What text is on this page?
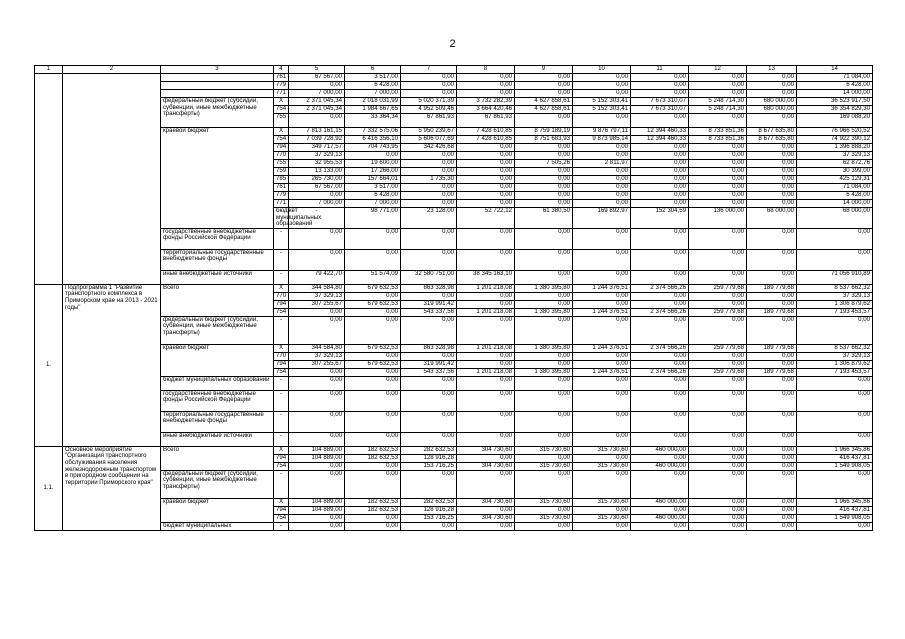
2
1	2	3	4	5	6	7	8	9	10	11	12	13	14	
			761	67 567,00	3 517,00	0,00	0,00	0,00	0,00	0,00	0,00	0,00	71 084,00	
			779	0,00	6 428,00	0,00	0,00	0,00	0,00	0,00	0,00	0,00	6 428,00	
			771	7 000,00	7 000,00	0,00	0,00	0,00	0,00	0,00	0,00	0,00	14 000,00	
		федеральный бюджет (субсидии, субвенции, иные межбюджетные трансферты)	X	2 371 045,34	2 018 031,99	5 020 371,39	3 732 282,39	4 627 858,61	5 152 303,41	7 673 310,07	5 248 714,30	680 000,00	36 523 917,50	
			754	2 371 045,34	1 984 667,65	4 952 509,46	3 664 420,46	4 627 858,61	5 152 303,41	7 673 310,07	5 248 714,30	680 000,00	36 354 829,30	
			755	0,00	33 364,34	67 861,93	67 861,93	0,00	0,00	0,00	0,00	0,00	169 088,20	
		краевой бюджет	X	7 813 161,15	7 332 575,06	5 950 239,67	7 428 610,85	8 759 189,19	9 876 797,11	12 394 460,33	8 733 851,36	8 677 635,80	76 966 520,52	
			754	7 039 728,92	6 416 356,10	5 606 077,69	7 428 610,85	8 751 683,93	9 873 985,14	12 394 460,33	8 733 851,36	8 677 635,80	74 922 390,12	
			794	349 717,57	704 743,95	342 426,68	0,00	0,00	0,00	0,00	0,00	0,00	1 396 888,20	
			770	37 329,13	0,00	0,00	0,00	0,00	0,00	0,00	0,00	0,00	37 329,13	
			755	32 955,53	19 600,00	0,00	0,00	7 505,26	2 811,97	0,00	0,00	0,00	62 872,76	
			759	13 133,00	17 266,00	0,00	0,00	0,00	0,00	0,00	0,00	0,00	30 399,00	
			785	265 730,00	157 664,01	1 735,30	0,00	0,00	0,00	0,00	0,00	0,00	425 129,31	
			761	67 567,00	3 517,00	0,00	0,00	0,00	0,00	0,00	0,00	0,00	71 084,00	
			779	0,00	6 428,00	0,00	0,00	0,00	0,00	0,00	0,00	0,00	6 428,00	
			771	7 000,00	7 000,00	0,00	0,00	0,00	0,00	0,00	0,00	0,00	14 000,00	
			бюджет муниципальных образований	-	98 771,00	23 128,00	52 722,12	61 380,50	169 892,97	152 304,59	136 000,00	68 000,00	68 000,00	
		государственные внебюджетные фонды Российской Федерации	-	0,00	0,00	0,00	0,00	0,00	0,00	0,00	0,00	0,00	0,00	
		территориальные государственные внебюджетные фонды	-	0,00	0,00	0,00	0,00	0,00	0,00	0,00	0,00	0,00	0,00	
		иные внебюджетные источники	-	79 422,70	51 574,09	32 580 751,00	38 345 163,10	0,00	0,00	0,00	0,00	0,00	71 056 910,89	
1.	Подпрограмма 1 "Развитие транспортного комплекса в Приморском крае на 2013 - 2021 годы"	Всего	X	344 584,80	679 632,53	863 328,98	1 201 218,08	1 380 395,80	1 244 376,51	2 374 566,26	259 779,68	189 779,68	8 537 662,32	
			770	37 329,13	0,00	0,00	0,00	0,00	0,00	0,00	0,00	0,00	37 329,13	
			794	307 255,67	679 632,53	319 991,42	0,00	0,00	0,00	0,00	0,00	0,00	1 306 879,62	
			754	0,00	0,00	543 337,56	1 201 218,08	1 380 395,80	1 244 376,51	2 374 566,26	259 779,68	189 779,68	7 193 453,57	
		федеральный бюджет (субсидии, субвенции, иные межбюджетные трансферты)	-	0,00	0,00	0,00	0,00	0,00	0,00	0,00	0,00	0,00	0,00	
		краевой бюджет	X	344 584,80	679 632,53	863 328,98	1 201 218,08	1 380 395,80	1 244 376,51	2 374 566,26	259 779,68	189 779,68	8 537 662,32	
			770	37 329,13	0,00	0,00	0,00	0,00	0,00	0,00	0,00	0,00	37 329,13	
			794	307 255,67	679 632,53	319 991,42	0,00	0,00	0,00	0,00	0,00	0,00	1 306 879,62	
			754	0,00	0,00	543 337,56	1 201 218,08	1 380 395,80	1 244 376,51	2 374 566,26	259 779,68	189 779,68	7 193 453,57	
		бюджет муниципальных образований	-	0,00	0,00	0,00	0,00	0,00	0,00	0,00	0,00	0,00	0,00	
		государственные внебюджетные фонды Российской Федерации	-	0,00	0,00	0,00	0,00	0,00	0,00	0,00	0,00	0,00	0,00	
		территориальные государственные внебюджетные фонды	-	0,00	0,00	0,00	0,00	0,00	0,00	0,00	0,00	0,00	0,00	
		иные внебюджетные источники	-	0,00	0,00	0,00	0,00	0,00	0,00	0,00	0,00	0,00	0,00	
1.1.	Основное мероприятие "Организация транспортного обслуживания населения железнодорожным транспортом в пригородном сообщении на территории Приморского края"	Всего	X	104 889,00	182 632,53	282 632,53	304 730,60	315 730,60	315 730,60	460 000,00	0,00	0,00	1 966 345,86	
			794	104 889,00	182 632,53	128 916,28	0,00	0,00	0,00	0,00	0,00	0,00	416 437,81	
			754	0,00	0,00	153 716,25	304 730,60	315 730,60	315 730,60	460 000,00	0,00	0,00	1 549 908,05	
		федеральный бюджет (субсидии, субвенции, иные межбюджетные трансферты)	-	0,00	0,00	0,00	0,00	0,00	0,00	0,00	0,00	0,00	0,00	
		краевой бюджет	X	104 889,00	182 632,53	282 632,53	304 730,60	315 730,60	315 730,60	460 000,00	0,00	0,00	1 966 345,86	
			794	104 889,00	182 632,53	128 916,28	0,00	0,00	0,00	0,00	0,00	0,00	416 437,81	
			754	0,00	0,00	153 716,25	304 730,60	315 730,60	315 730,60	460 000,00	0,00	0,00	1 549 908,05	
		бюджет муниципальных	-	0,00	0,00	0,00	0,00	0,00	0,00	0,00	0,00	0,00	0,00	
